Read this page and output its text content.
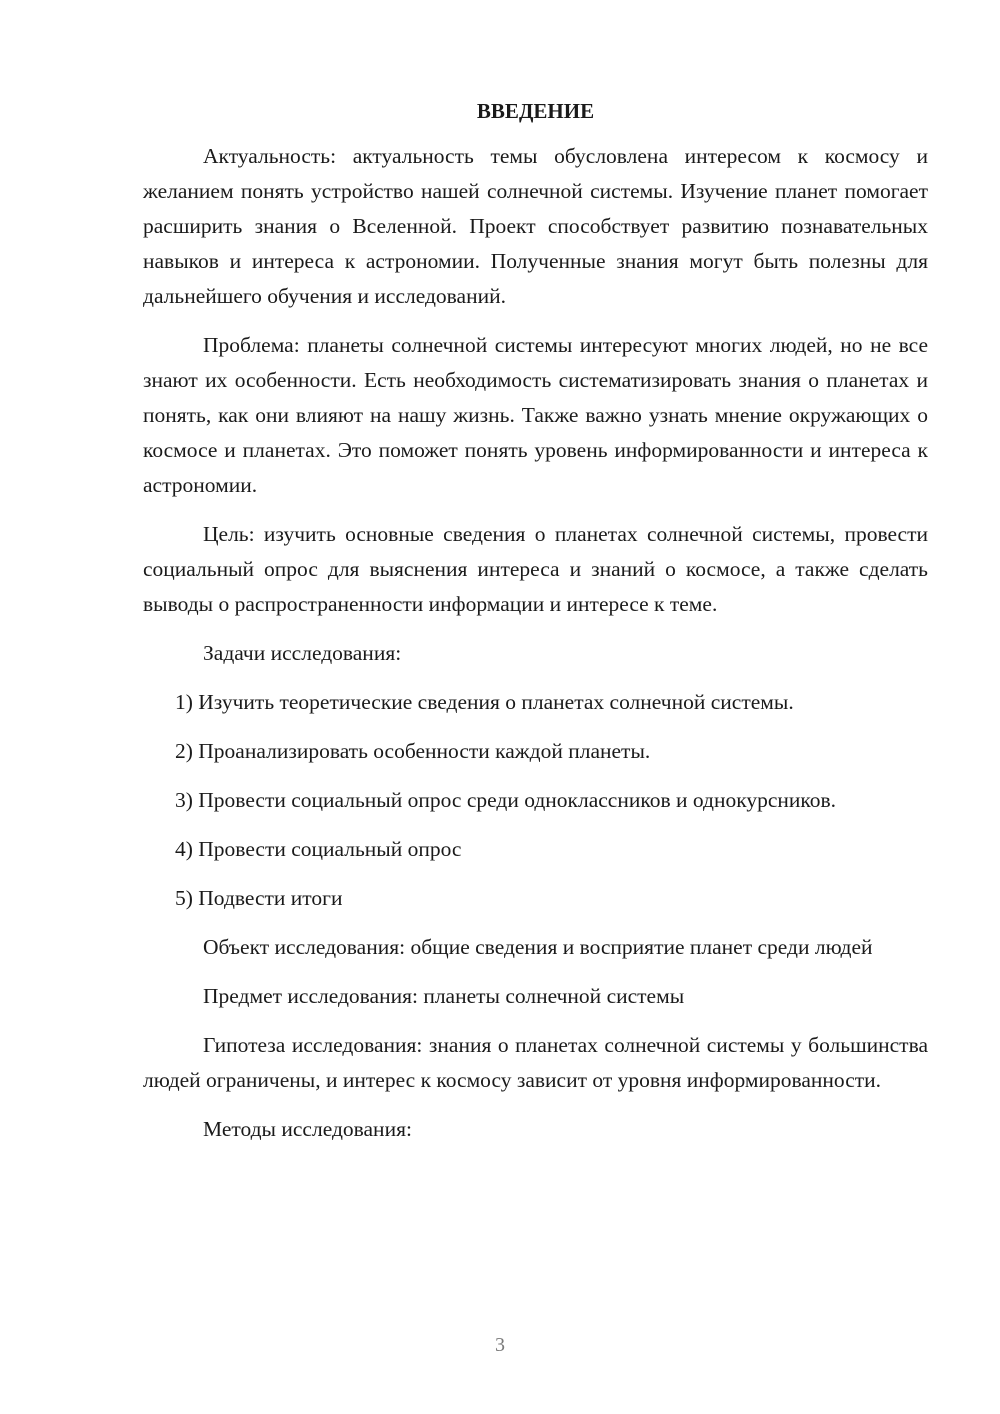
ВВЕДЕНИЕ

Актуальность: актуальность темы обусловлена интересом к космосу и желанием понять устройство нашей солнечной системы. Изучение планет помогает расширить знания о Вселенной. Проект способствует развитию познавательных навыков и интереса к астрономии. Полученные знания могут быть полезны для дальнейшего обучения и исследований.

Проблема: планеты солнечной системы интересуют многих людей, но не все знают их особенности. Есть необходимость систематизировать знания о планетах и понять, как они влияют на нашу жизнь. Также важно узнать мнение окружающих о космосе и планетах. Это поможет понять уровень информированности и интереса к астрономии.

Цель: изучить основные сведения о планетах солнечной системы, провести социальный опрос для выяснения интереса и знаний о космосе, а также сделать выводы о распространенности информации и интересе к теме.

Задачи исследования:

1) Изучить теоретические сведения о планетах солнечной системы.

2) Проанализировать особенности каждой планеты.

3) Провести социальный опрос среди одноклассников и однокурсников.

4) Провести социальный опрос

5) Подвести итоги

Объект исследования: общие сведения и восприятие планет среди людей

Предмет исследования: планеты солнечной системы

Гипотеза исследования: знания о планетах солнечной системы у большинства людей ограничены, и интерес к космосу зависит от уровня информированности.

Методы исследования:

3
